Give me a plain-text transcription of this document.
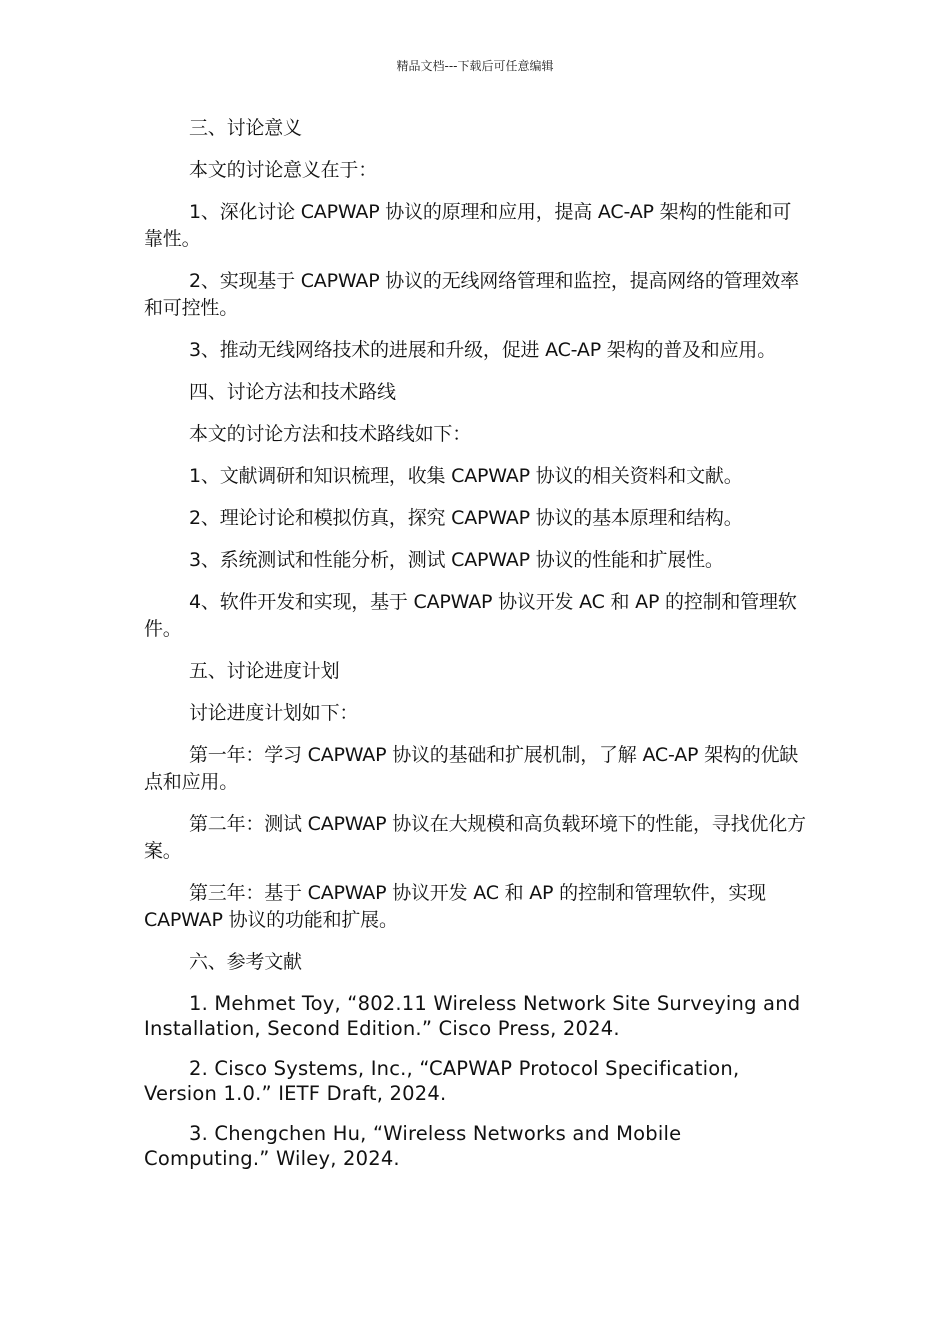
精品文档---下载后可任意编辑

三、讨论意义

本文的讨论意义在于：

1、深化讨论 CAPWAP 协议的原理和应用，提高 AC-AP 架构的性能和可靠性。

2、实现基于 CAPWAP 协议的无线网络管理和监控，提高网络的管理效率和可控性。

3、推动无线网络技术的进展和升级，促进 AC-AP 架构的普及和应用。

四、讨论方法和技术路线

本文的讨论方法和技术路线如下：

1、文献调研和知识梳理，收集 CAPWAP 协议的相关资料和文献。

2、理论讨论和模拟仿真，探究 CAPWAP 协议的基本原理和结构。

3、系统测试和性能分析，测试 CAPWAP 协议的性能和扩展性。

4、软件开发和实现，基于 CAPWAP 协议开发 AC 和 AP 的控制和管理软件。

五、讨论进度计划

讨论进度计划如下：

第一年：学习 CAPWAP 协议的基础和扩展机制，了解 AC-AP 架构的优缺点和应用。

第二年：测试 CAPWAP 协议在大规模和高负载环境下的性能，寻找优化方案。

第三年：基于 CAPWAP 协议开发 AC 和 AP 的控制和管理软件，实现 CAPWAP 协议的功能和扩展。

六、参考文献

1. Mehmet Toy, “802.11 Wireless Network Site Surveying and Installation, Second Edition.” Cisco Press, 2024.

2. Cisco Systems, Inc., “CAPWAP Protocol Specification, Version 1.0.” IETF Draft, 2024.

3. Chengchen Hu, “Wireless Networks and Mobile Computing.” Wiley, 2024.
